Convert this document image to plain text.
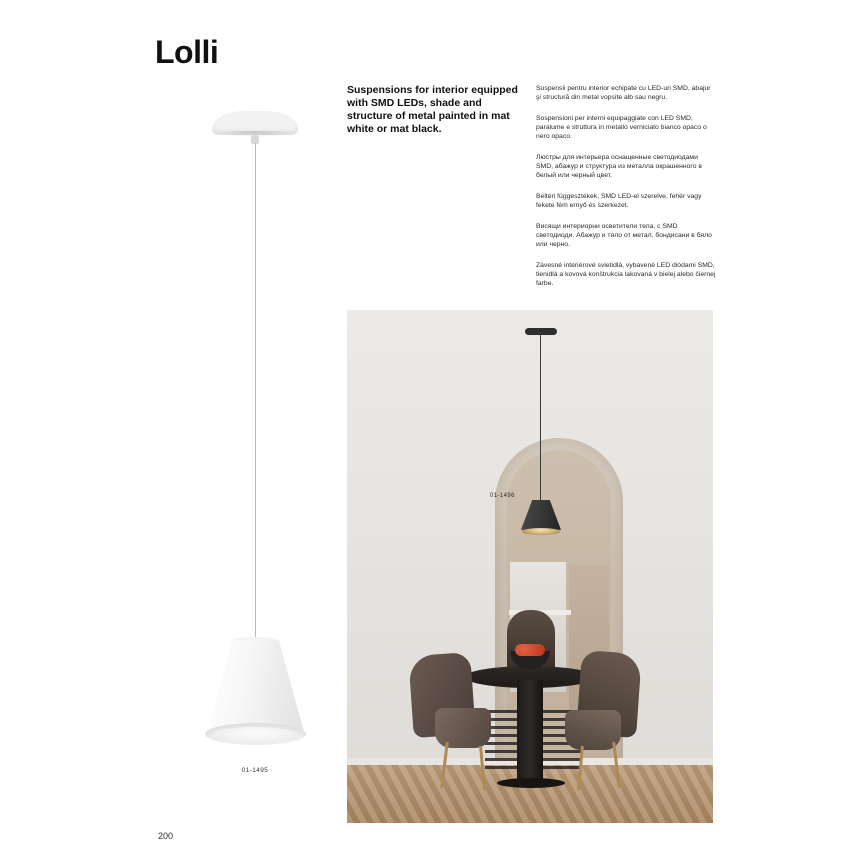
Lolli
Suspensions for interior equipped with SMD LEDs, shade and structure of metal painted in mat white or mat black.

Suspensii pentru interior echipate cu LED-uri SMD, abajur şi structură din metal vopsite alb sau negru.

Sospensioni per interni equipaggiate con LED SMD, paralume e struttura in metallo verniciato bianco opaco o nero opaco.

Люстры для интерьера оснащенные светодиодами SMD, абажур и структура из металла окрашенного в белый или черный цвет.

Beltéri függesztékek, SMD LED-el szerelve, fehér vagy fekete fém ernyő és szerkezet.

Висящи интериорни осветители тела, с SMD светодиоди. Абажур и тяло от метал, бондисани в бяло или черно.

Závesné interiérové svietidlá, vybavené LED diódami SMD, tienidlá a kovová konštrukcia lakovaná v bielej alebo čiernej farbe.

01-1495
01-1496
200
